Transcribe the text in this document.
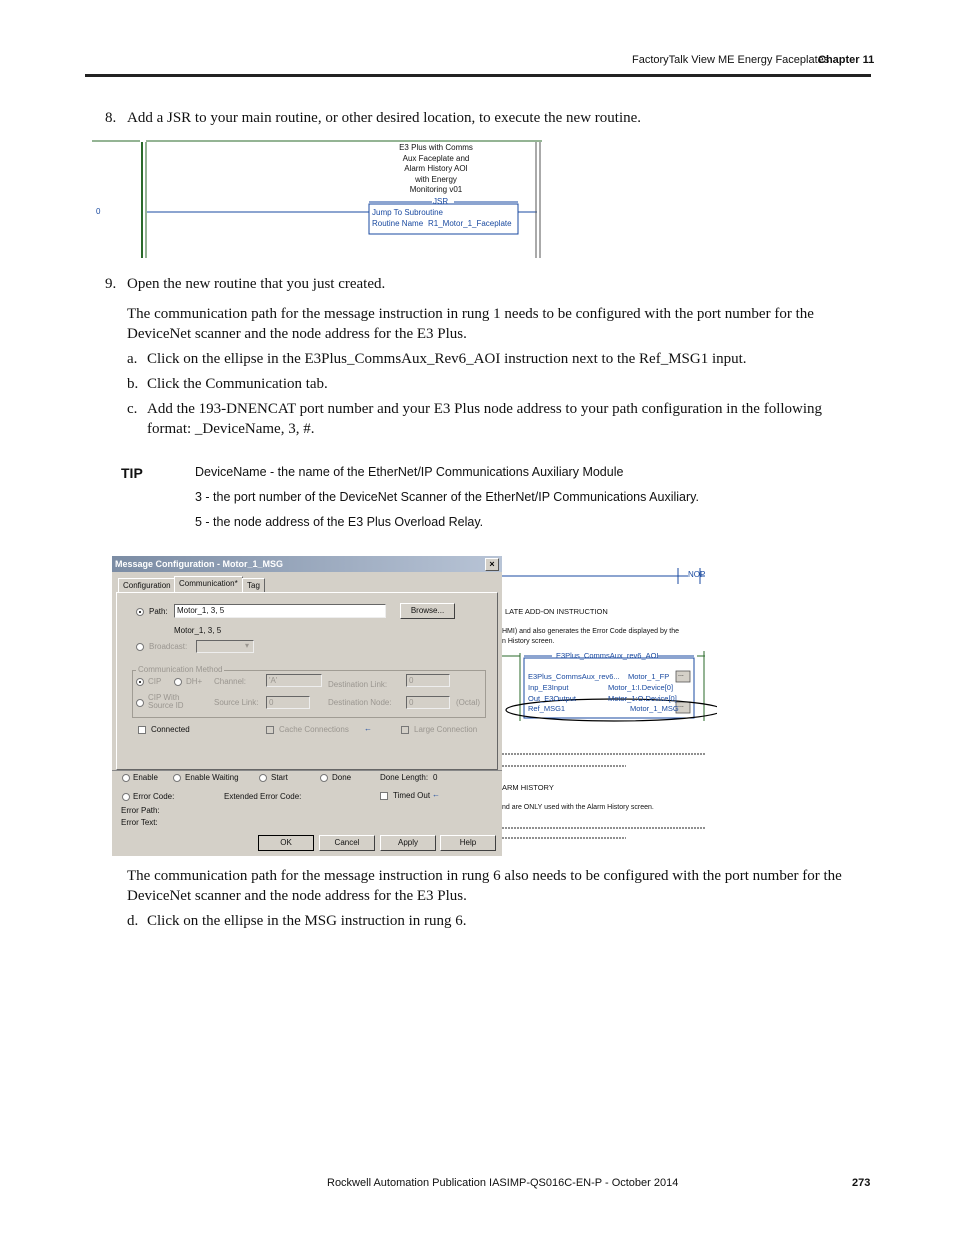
FactoryTalk View ME Energy Faceplates
Chapter 11
8. Add a JSR to your main routine, or other desired location, to execute the new routine.
0
E3 Plus with Comms
Aux Faceplate and
Alarm History AOI
with Energy
Monitoring v01
JSR
Jump To Subroutine
Routine Name R1_Motor_1_Faceplate
9. Open the new routine that you just created.
The communication path for the message instruction in rung 1 needs to be configured with the port number for the DeviceNet scanner and the node address for the E3 Plus.
a. Click on the ellipse in the E3Plus_CommsAux_Rev6_AOI instruction next to the Ref_MSG1 input.
b. Click the Communication tab.
c. Add the 193-DNENCAT port number and your E3 Plus node address to your path configuration in the following format: _DeviceName, 3, #.
TIP	DeviceName - the name of the EtherNet/IP Communications Auxiliary Module
3 - the port number of the DeviceNet Scanner of the EtherNet/IP Communications Auxiliary.
5 - the node address of the E3 Plus Overload Relay.
NOP
LATE ADD-ON INSTRUCTION
HMI) and also generates the Error Code displayed by the
n History screen.
E3Plus_CommsAux_rev6_AOI
E3Plus_CommsAux_rev6... Motor_1_FP ...
Inp_E3Input	Motor_1:I.Device[0]
Out_E3Output	Motor_1:O.Device[0]
Ref_MSG1	Motor_1_MSG ...
ARM HISTORY
nd are ONLY used with the Alarm History screen.
Message Configuration - Motor_1_MSG	×
Configuration	Communication*	Tag
Path:	Motor_1, 3, 5	Browse...
Motor_1, 3, 5
Broadcast:	▾
Communication Method
CIP	DH+ Channel:	'A'	Destination Link:	0
CIP With Source ID	Source Link:	0	Destination Node:	0	(Octal)
Connected	Cache Connections ←	Large Connection
Enable	Enable Waiting	Start	Done	Done Length: 0
Error Code:	Extended Error Code:	Timed Out ←
Error Path:
Error Text:
OK	Cancel	Apply	Help
The communication path for the message instruction in rung 6 also needs to be configured with the port number for the DeviceNet scanner and the node address for the E3 Plus.
d. Click on the ellipse in the MSG instruction in rung 6.
Rockwell Automation Publication IASIMP-QS016C-EN-P - October 2014	273
